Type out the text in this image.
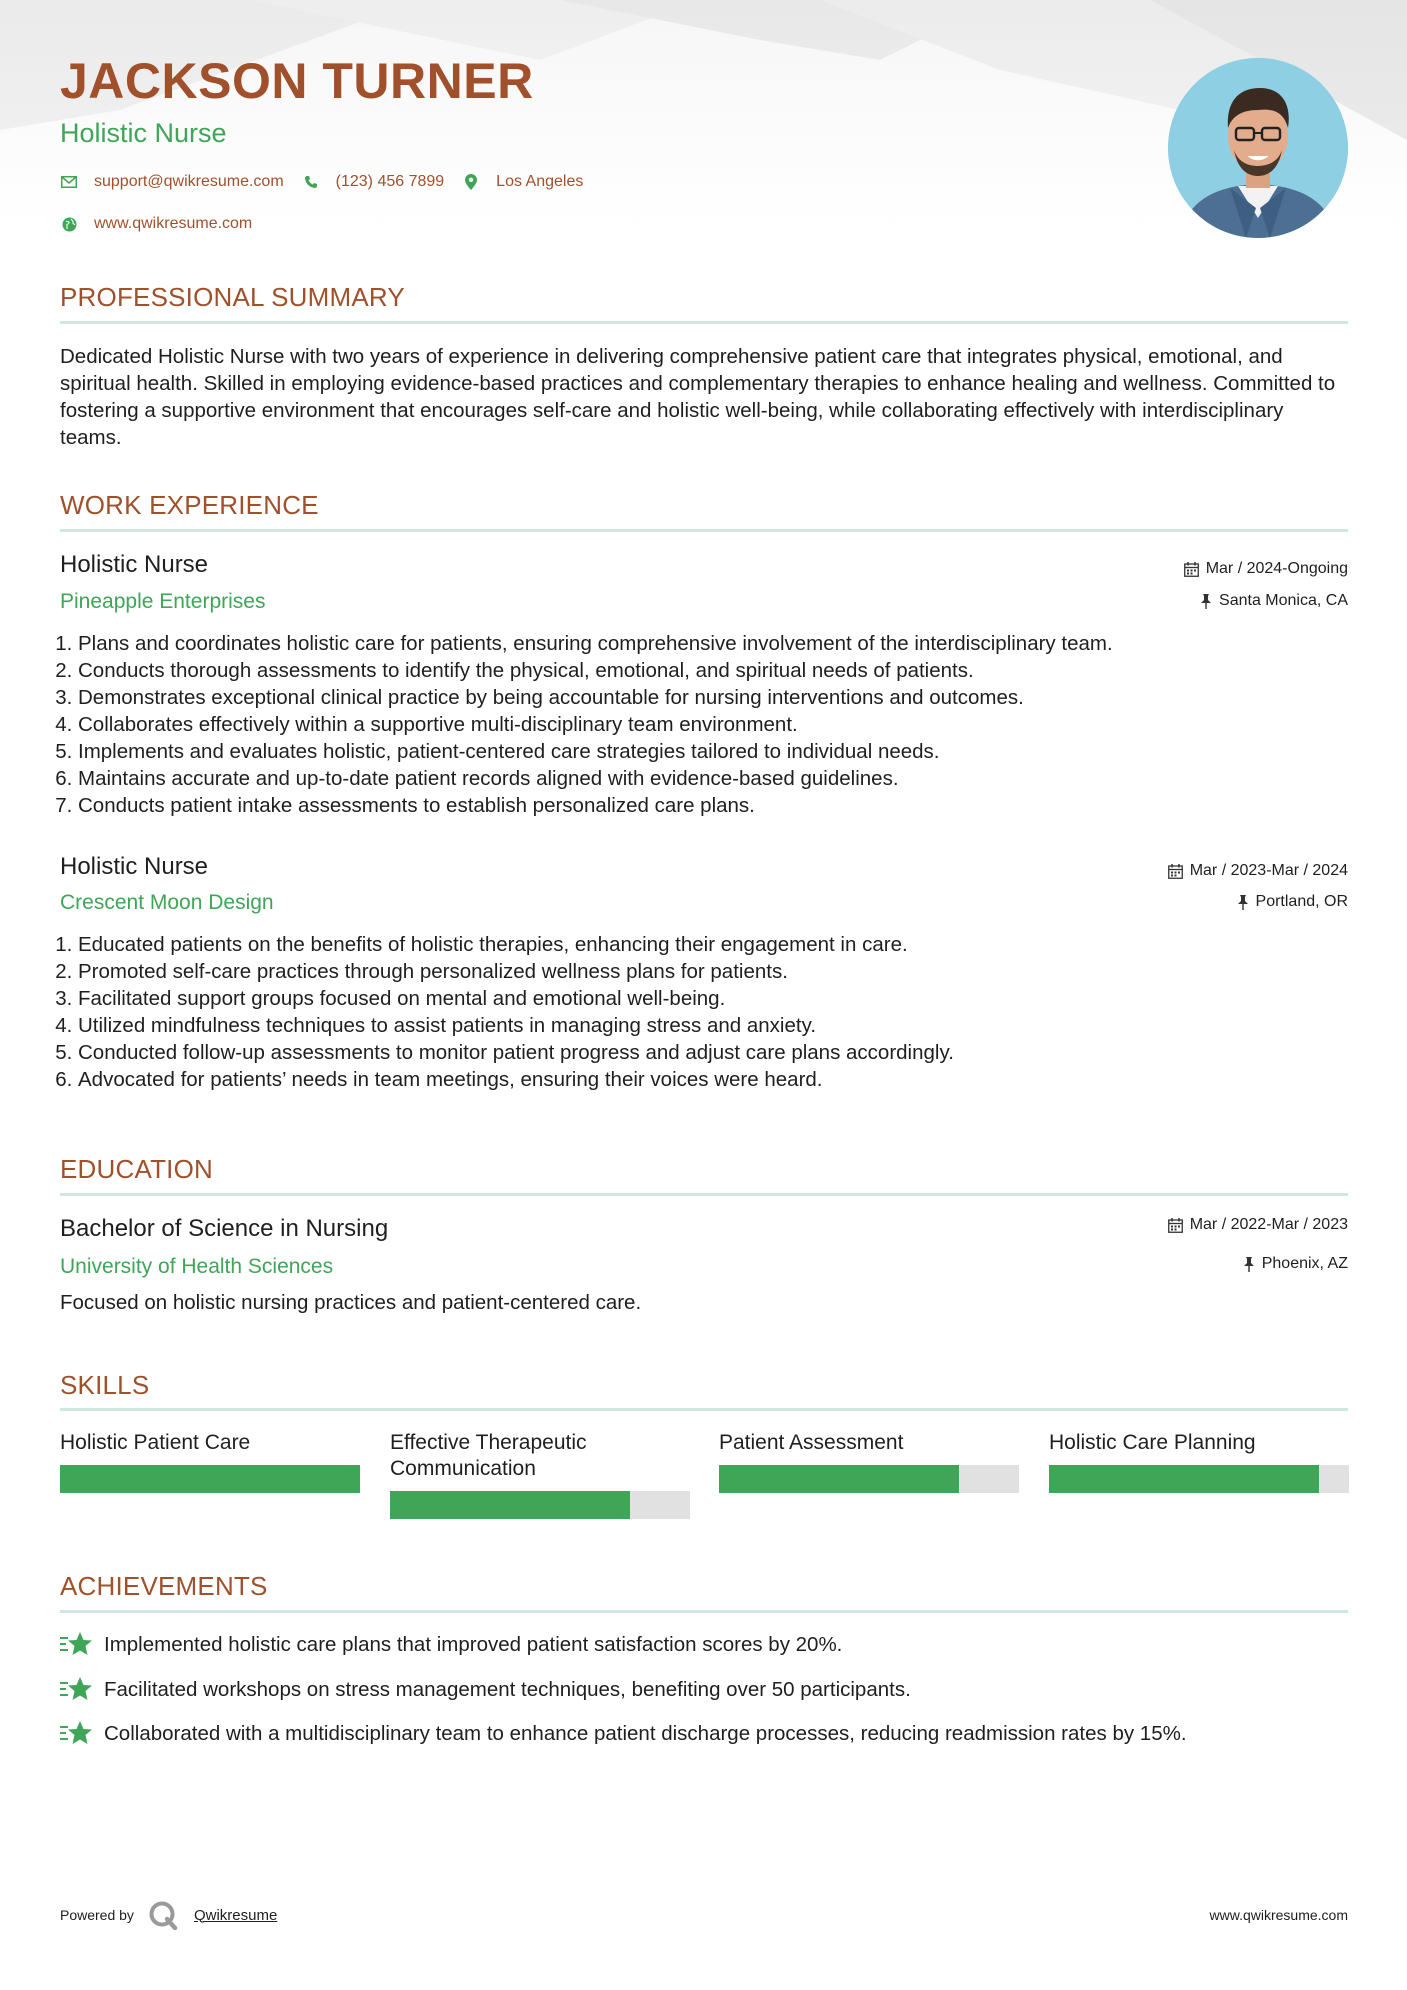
JACKSON TURNER
Holistic Nurse
support@qwikresume.com	(123) 456 7899	Los Angeles
www.qwikresume.com
PROFESSIONAL SUMMARY
Dedicated Holistic Nurse with two years of experience in delivering comprehensive patient care that integrates physical, emotional, and spiritual health. Skilled in employing evidence-based practices and complementary therapies to enhance healing and wellness. Committed to fostering a supportive environment that encourages self-care and holistic well-being, while collaborating effectively with interdisciplinary teams.
WORK EXPERIENCE
Holistic Nurse
Pineapple Enterprises
Mar / 2024-Ongoing
Santa Monica, CA
1. Plans and coordinates holistic care for patients, ensuring comprehensive involvement of the interdisciplinary team.
2. Conducts thorough assessments to identify the physical, emotional, and spiritual needs of patients.
3. Demonstrates exceptional clinical practice by being accountable for nursing interventions and outcomes.
4. Collaborates effectively within a supportive multi-disciplinary team environment.
5. Implements and evaluates holistic, patient-centered care strategies tailored to individual needs.
6. Maintains accurate and up-to-date patient records aligned with evidence-based guidelines.
7. Conducts patient intake assessments to establish personalized care plans.
Holistic Nurse
Crescent Moon Design
Mar / 2023-Mar / 2024
Portland, OR
1. Educated patients on the benefits of holistic therapies, enhancing their engagement in care.
2. Promoted self-care practices through personalized wellness plans for patients.
3. Facilitated support groups focused on mental and emotional well-being.
4. Utilized mindfulness techniques to assist patients in managing stress and anxiety.
5. Conducted follow-up assessments to monitor patient progress and adjust care plans accordingly.
6. Advocated for patients’ needs in team meetings, ensuring their voices were heard.
EDUCATION
Bachelor of Science in Nursing
University of Health Sciences
Mar / 2022-Mar / 2023
Phoenix, AZ
Focused on holistic nursing practices and patient-centered care.
SKILLS
Holistic Patient Care	Effective Therapeutic Communication
Patient Assessment	Holistic Care Planning
ACHIEVEMENTS
Implemented holistic care plans that improved patient satisfaction scores by 20%.
Facilitated workshops on stress management techniques, benefiting over 50 participants.
Collaborated with a multidisciplinary team to enhance patient discharge processes, reducing readmission rates by 15%.
Powered by	Qwikresume	www.qwikresume.com
